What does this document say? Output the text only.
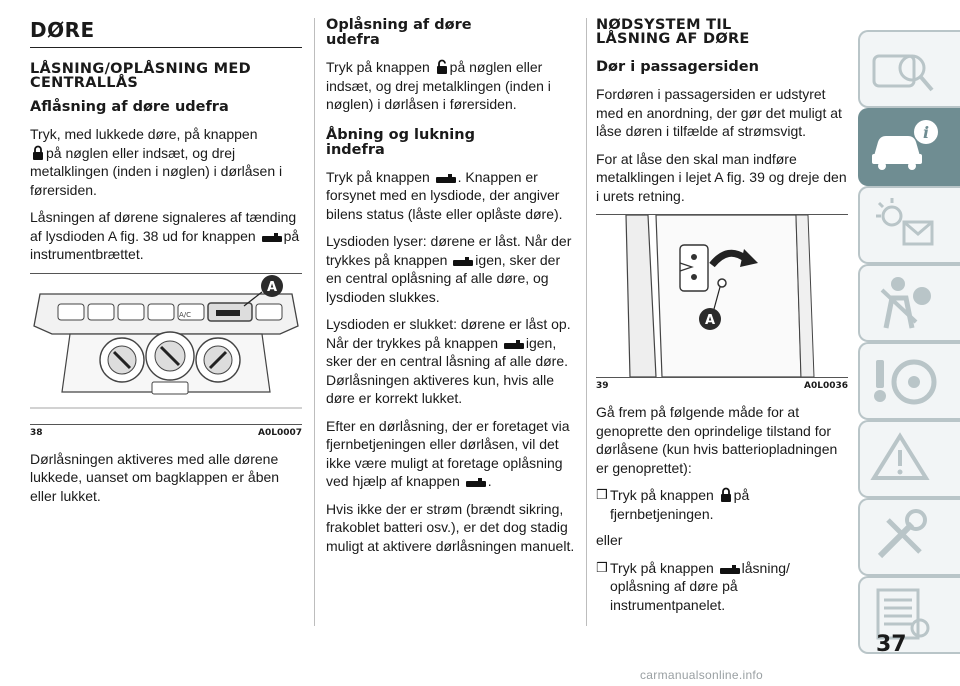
DØRE
LÅSNING/OPLÅSNING MED CENTRALLÅS
Aflåsning af døre udefra

Tryk, med lukkede døre, på knappen
på nøglen eller indsæt, og drej metalklingen (inden i nøglen) i dørlåsen i førersiden.

Låsningen af dørene signaleres af tænding af lysdioden A fig. 38 ud for knappen på instrumentbrættet.

A/C
A
38	A0L0007

Dørlåsningen aktiveres med alle dørene lukkede, uanset om bagklappen er åben eller lukket.

Oplåsning af døre udefra

Tryk på knappen på nøglen eller indsæt, og drej metalklingen (inden i nøglen) i dørlåsen i førersiden.

Åbning og lukning indefra

Tryk på knappen . Knappen er forsynet med en lysdiode, der angiver bilens status (låste eller oplåste døre).

Lysdioden lyser: dørene er låst. Når der trykkes på knappen igen, sker der en central oplåsning af alle døre, og lysdioden slukkes.

Lysdioden er slukket: dørene er låst op. Når der trykkes på knappen igen, sker der en central låsning af alle døre. Dørlåsningen aktiveres kun, hvis alle døre er korrekt lukket.

Efter en dørlåsning, der er foretaget via fjernbetjeningen eller dørlåsen, vil det ikke være muligt at foretage oplåsning ved hjælp af knappen .

Hvis ikke der er strøm (brændt sikring, frakoblet batteri osv.), er det dog stadig muligt at aktivere dørlåsningen manuelt.

NØDSYSTEM TIL LÅSNING AF DØRE
Dør i passagersiden

Fordøren i passagersiden er udstyret med en anordning, der gør det muligt at låse døren i tilfælde af strømsvigt.

For at låse den skal man indføre metalklingen i lejet A fig. 39 og dreje den i urets retning.

A
39	A0L0036

Gå frem på følgende måde for at genoprette den oprindelige tilstand for dørlåsene (kun hvis batteriopladningen er genoprettet):

❒ Tryk på knappen på fjernbetjeningen.

eller

❒ Tryk på knappen låsning/ oplåsning af døre på instrumentpanelet.
i
37
carmanualsonline.info
